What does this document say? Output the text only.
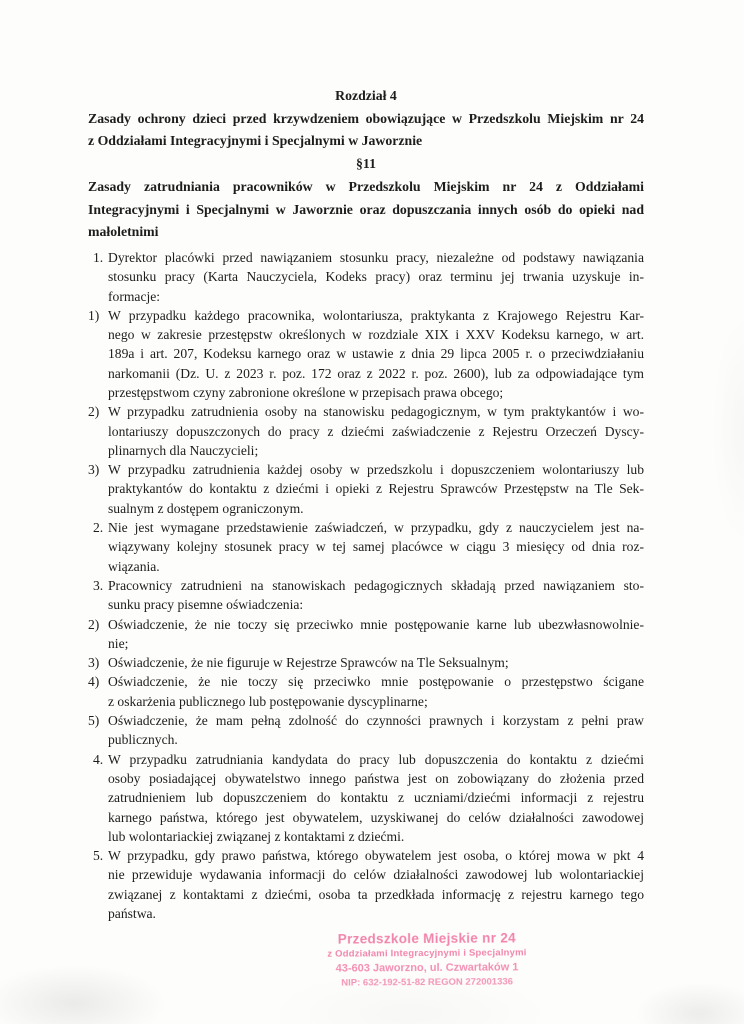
Rozdział 4
Zasady ochrony dzieci przed krzywdzeniem obowiązujące w Przedszkolu Miejskim nr 24
z Oddziałami Integracyjnymi i Specjalnymi w Jaworznie
§11
Zasady zatrudniania pracowników w Przedszkolu Miejskim nr 24 z Oddziałami
Integracyjnymi i Specjalnymi w Jaworznie oraz dopuszczania innych osób do opieki nad
małoletnimi
1. Dyrektor placówki przed nawiązaniem stosunku pracy, niezależne od podstawy nawiązania
stosunku pracy (Karta Nauczyciela, Kodeks pracy) oraz terminu jej trwania uzyskuje in-
formacje:
1) W przypadku każdego pracownika, wolontariusza, praktykanta z Krajowego Rejestru Kar-
nego w zakresie przestępstw określonych w rozdziale XIX i XXV Kodeksu karnego, w art.
189a i art. 207, Kodeksu karnego oraz w ustawie z dnia 29 lipca 2005 r. o przeciwdziałaniu
narkomanii (Dz. U. z 2023 r. poz. 172 oraz z 2022 r. poz. 2600), lub za odpowiadające tym
przestępstwom czyny zabronione określone w przepisach prawa obcego;
2) W przypadku zatrudnienia osoby na stanowisku pedagogicznym, w tym praktykantów i wo-
lontariuszy dopuszczonych do pracy z dziećmi zaświadczenie z Rejestru Orzeczeń Dyscy-
plinarnych dla Nauczycieli;
3) W przypadku zatrudnienia każdej osoby w przedszkolu i dopuszczeniem wolontariuszy lub
praktykantów do kontaktu z dziećmi i opieki z Rejestru Sprawców Przestępstw na Tle Sek-
sualnym z dostępem ograniczonym.
2. Nie jest wymagane przedstawienie zaświadczeń, w przypadku, gdy z nauczycielem jest na-
wiązywany kolejny stosunek pracy w tej samej placówce w ciągu 3 miesięcy od dnia roz-
wiązania.
3. Pracownicy zatrudnieni na stanowiskach pedagogicznych składają przed nawiązaniem sto-
sunku pracy pisemne oświadczenia:
2) Oświadczenie, że nie toczy się przeciwko mnie postępowanie karne lub ubezwłasnowolnie-
nie;
3) Oświadczenie, że nie figuruje w Rejestrze Sprawców na Tle Seksualnym;
4) Oświadczenie, że nie toczy się przeciwko mnie postępowanie o przestępstwo ścigane
z oskarżenia publicznego lub postępowanie dyscyplinarne;
5) Oświadczenie, że mam pełną zdolność do czynności prawnych i korzystam z pełni praw
publicznych.
4. W przypadku zatrudniania kandydata do pracy lub dopuszczenia do kontaktu z dziećmi
osoby posiadającej obywatelstwo innego państwa jest on zobowiązany do złożenia przed
zatrudnieniem lub dopuszczeniem do kontaktu z uczniami/dziećmi informacji z rejestru
karnego państwa, którego jest obywatelem, uzyskiwanej do celów działalności zawodowej
lub wolontariackiej związanej z kontaktami z dziećmi.
5. W przypadku, gdy prawo państwa, którego obywatelem jest osoba, o której mowa w pkt 4
nie przewiduje wydawania informacji do celów działalności zawodowej lub wolontariackiej
związanej z kontaktami z dziećmi, osoba ta przedkłada informację z rejestru karnego tego
państwa.
Przedszkole Miejskie nr 24
z Oddziałami Integracyjnymi i Specjalnymi
43-603 Jaworzno, ul. Czwartaków 1
NIP: 632-192-51-82 REGON 272001336
